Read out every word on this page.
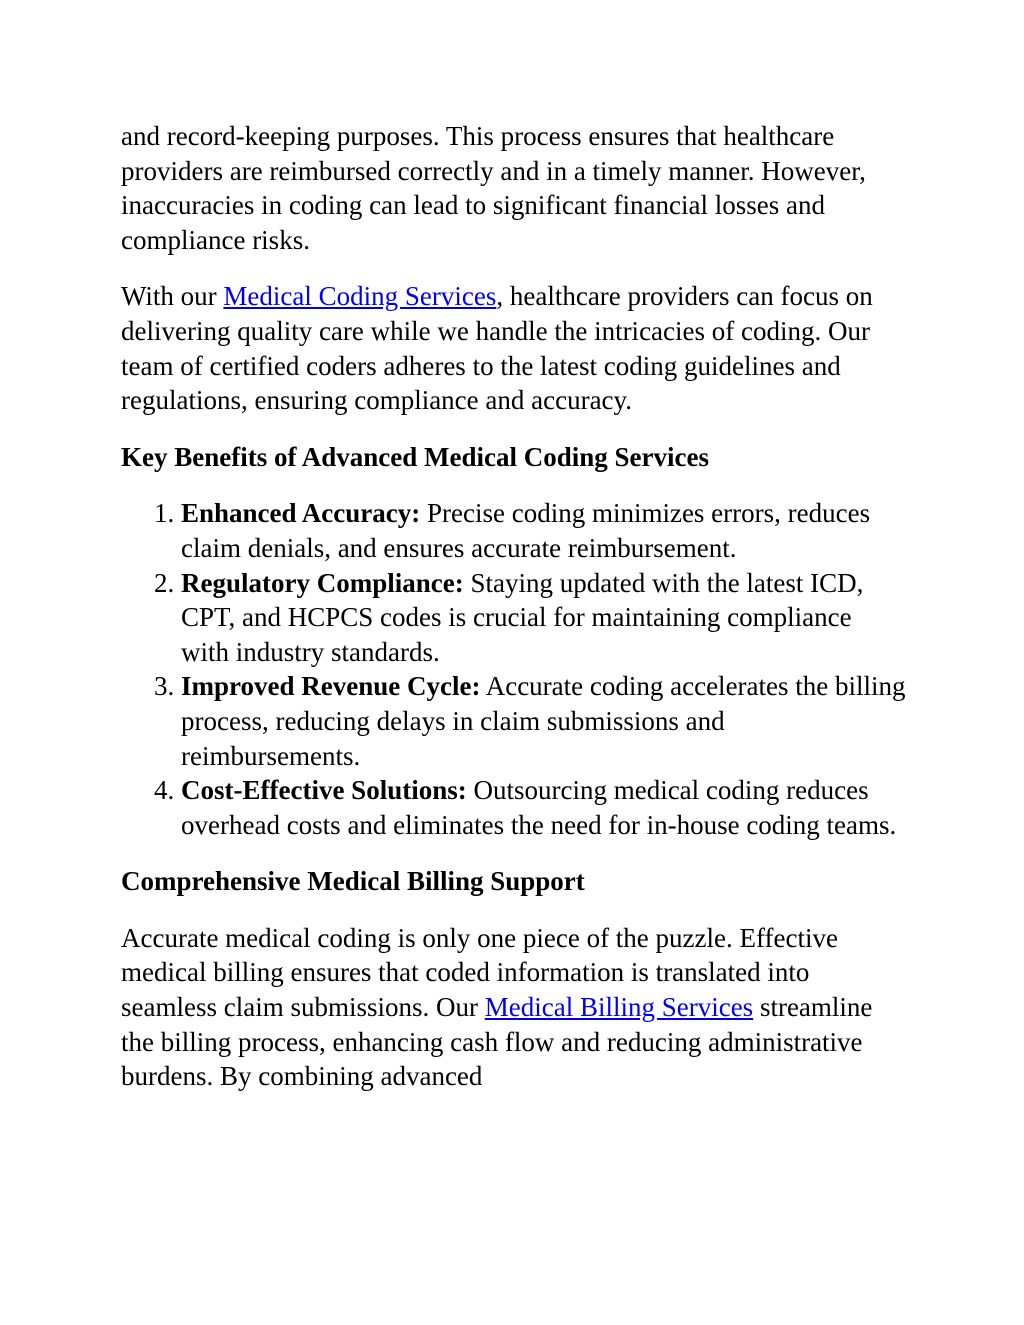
and record-keeping purposes. This process ensures that healthcare providers are reimbursed correctly and in a timely manner. However, inaccuracies in coding can lead to significant financial losses and compliance risks.

With our Medical Coding Services, healthcare providers can focus on delivering quality care while we handle the intricacies of coding. Our team of certified coders adheres to the latest coding guidelines and regulations, ensuring compliance and accuracy.

Key Benefits of Advanced Medical Coding Services
1. Enhanced Accuracy: Precise coding minimizes errors, reduces claim denials, and ensures accurate reimbursement.
2. Regulatory Compliance: Staying updated with the latest ICD, CPT, and HCPCS codes is crucial for maintaining compliance with industry standards.
3. Improved Revenue Cycle: Accurate coding accelerates the billing process, reducing delays in claim submissions and reimbursements.
4. Cost-Effective Solutions: Outsourcing medical coding reduces overhead costs and eliminates the need for in-house coding teams.
Comprehensive Medical Billing Support

Accurate medical coding is only one piece of the puzzle. Effective medical billing ensures that coded information is translated into seamless claim submissions. Our Medical Billing Services streamline the billing process, enhancing cash flow and reducing administrative burdens. By combining advanced
